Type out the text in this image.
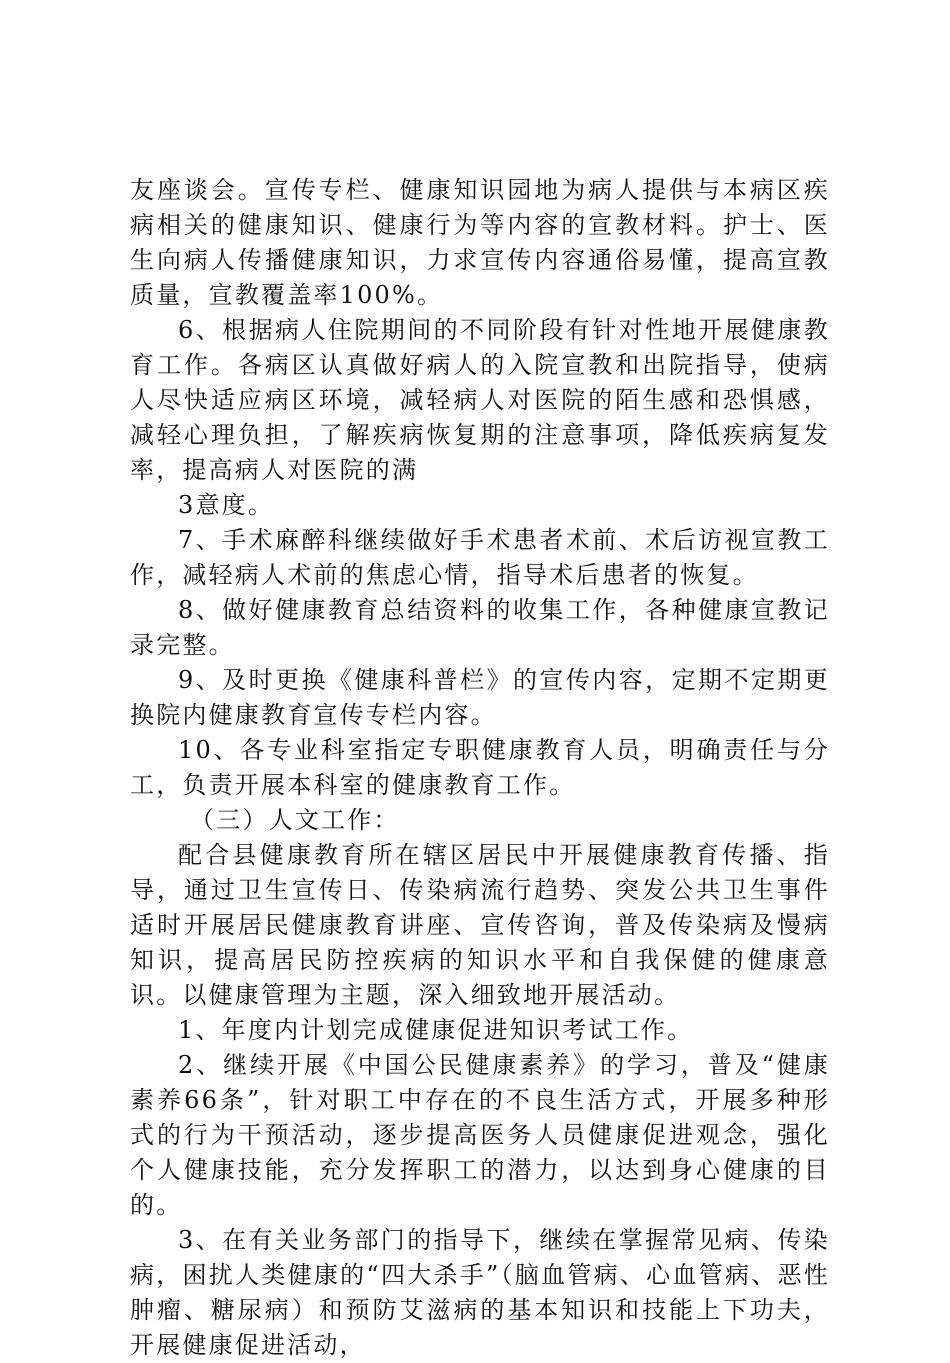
友座谈会。宣传专栏、健康知识园地为病人提供与本病区疾病相关的健康知识、健康行为等内容的宣教材料。护士、医生向病人传播健康知识，力求宣传内容通俗易懂，提高宣教质量，宣教覆盖率100%。

6、根据病人住院期间的不同阶段有针对性地开展健康教育工作。各病区认真做好病人的入院宣教和出院指导，使病人尽快适应病区环境，减轻病人对医院的陌生感和恐惧感，减轻心理负担，了解疾病恢复期的注意事项，降低疾病复发率，提高病人对医院的满

3意度。

7、手术麻醉科继续做好手术患者术前、术后访视宣教工作，减轻病人术前的焦虑心情，指导术后患者的恢复。

8、做好健康教育总结资料的收集工作，各种健康宣教记录完整。

9、及时更换《健康科普栏》的宣传内容，定期不定期更换院内健康教育宣传专栏内容。

10、各专业科室指定专职健康教育人员，明确责任与分工，负责开展本科室的健康教育工作。

（三）人文工作：

配合县健康教育所在辖区居民中开展健康教育传播、指导，通过卫生宣传日、传染病流行趋势、突发公共卫生事件适时开展居民健康教育讲座、宣传咨询，普及传染病及慢病知识，提高居民防控疾病的知识水平和自我保健的健康意识。以健康管理为主题，深入细致地开展活动。

1、年度内计划完成健康促进知识考试工作。

2、继续开展《中国公民健康素养》的学习，普及“健康素养66条”，针对职工中存在的不良生活方式，开展多种形式的行为干预活动，逐步提高医务人员健康促进观念，强化个人健康技能，充分发挥职工的潜力，以达到身心健康的目的。

3、在有关业务部门的指导下，继续在掌握常见病、传染病，困扰人类健康的“四大杀手”（脑血管病、心血管病、恶性肿瘤、糖尿病）和预防艾滋病的基本知识和技能上下功夫，开展健康促进活动，
